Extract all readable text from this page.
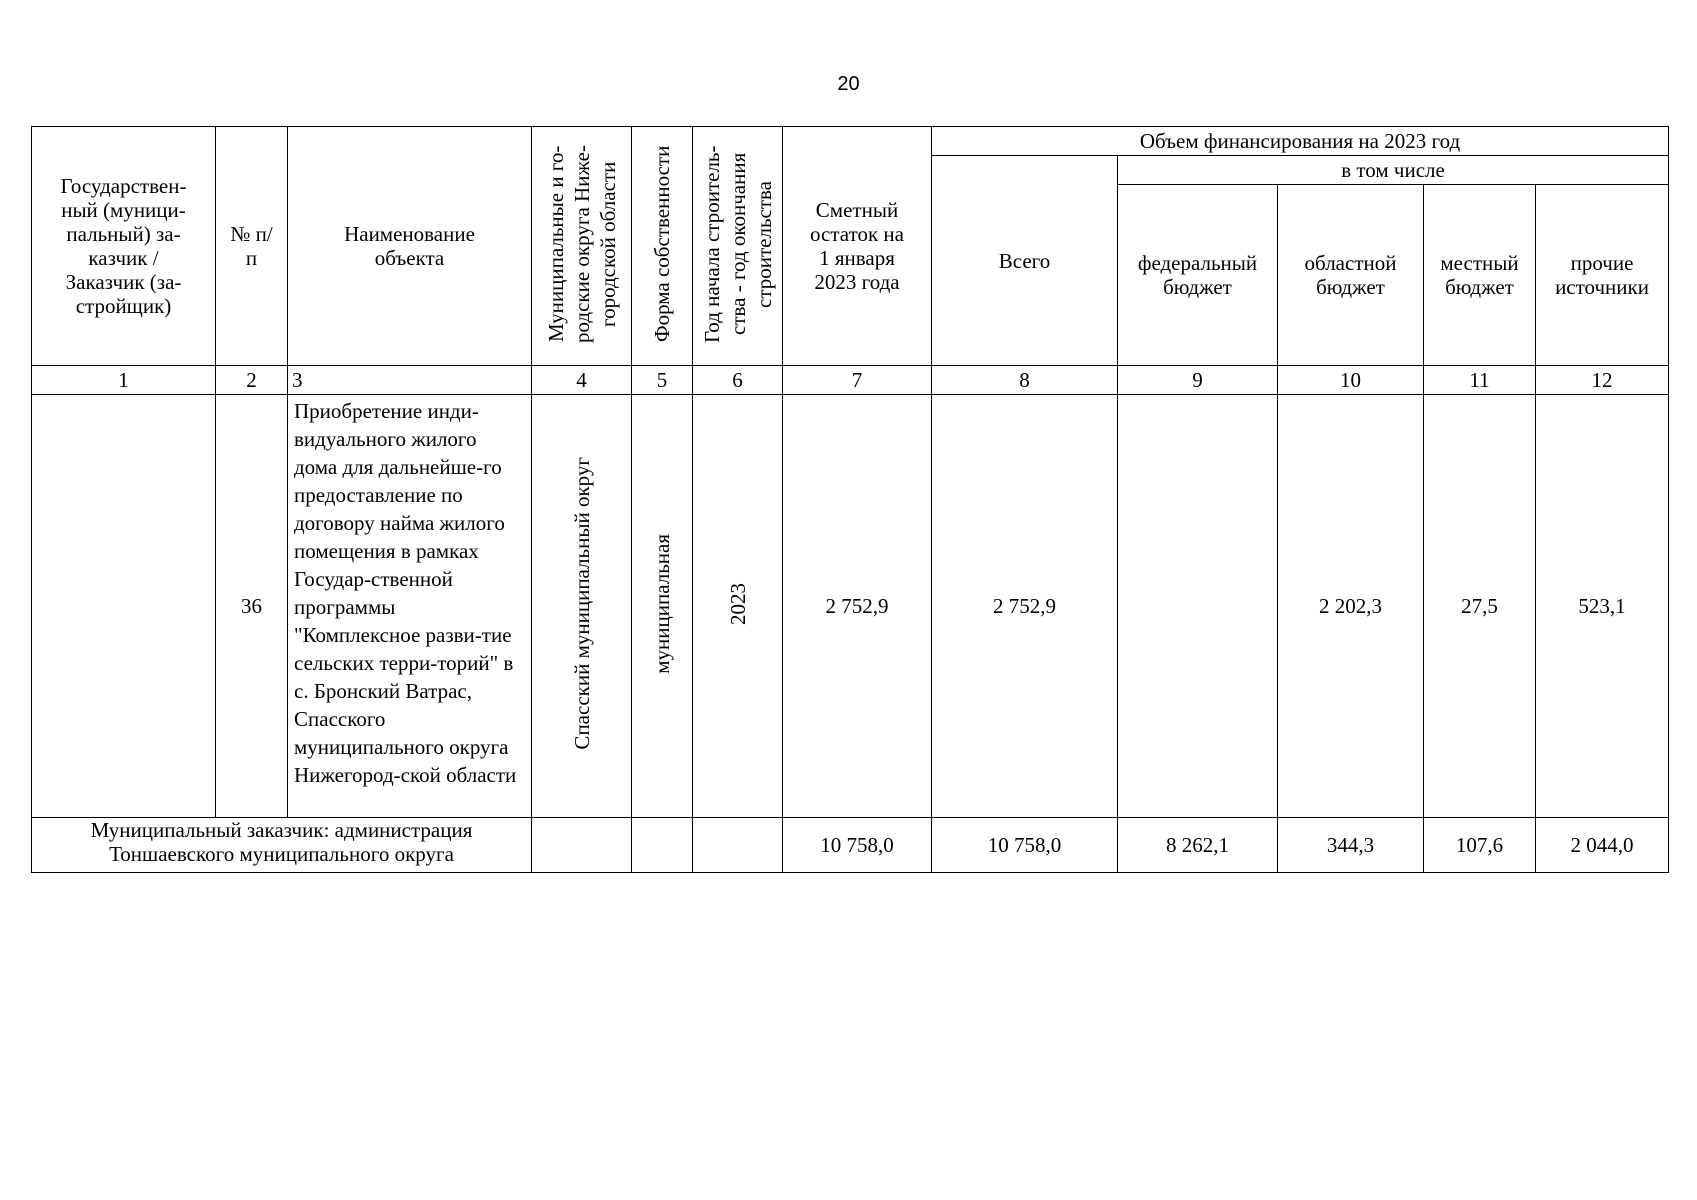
20
Государствен-ный (муници-пальный) за-казчик / Заказчик (за-стройщик)	№ п/п	Наименование объекта	Муниципальные и го-родские округа Ниже-городской области	Форма собственности	Год начала строитель-ства - год окончания строительства	Сметный остаток на 1 января 2023 года	Объем финансирования на 2023 год				
							Всего	в том числе			
								федеральный бюджет	областной бюджет	местный бюджет	прочие источники
1	2	3	4	5	6	7	8	9	10	11	12
	36	Приобретение инди-видуального жилого дома для дальнейше-го предоставление по договору найма жилого помещения в рамках Государ-ственной программы "Комплексное разви-тие сельских терри-торий" в с. Бронский Ватрас, Спасского муниципального округа Нижегород-ской области	Спасский муниципальный округ	муниципальная	2023	2 752,9	2 752,9		2 202,3	27,5	523,1
Муниципальный заказчик: администрация Тоншаевского муниципального округа						10 758,0	10 758,0	8 262,1	344,3	107,6	2 044,0
